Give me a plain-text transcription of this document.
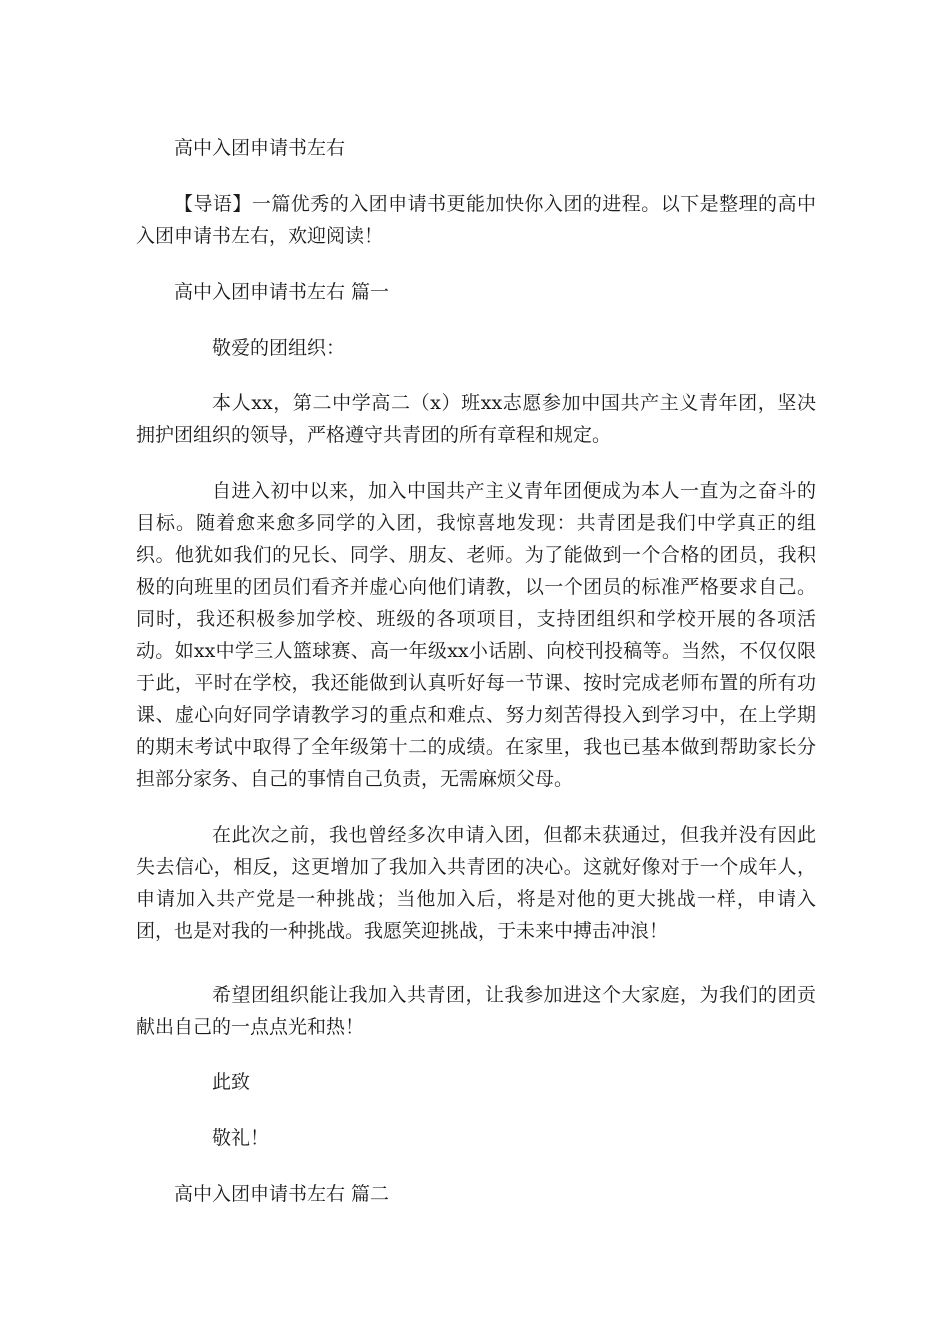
高中入团申请书左右
【导语】一篇优秀的入团申请书更能加快你入团的进程。以下是整理的高中入团申请书左右，欢迎阅读！
高中入团申请书左右 篇一
敬爱的团组织：
本人xx，第二中学高二（x）班xx志愿参加中国共产主义青年团，坚决拥护团组织的领导，严格遵守共青团的所有章程和规定。
自进入初中以来，加入中国共产主义青年团便成为本人一直为之奋斗的目标。随着愈来愈多同学的入团，我惊喜地发现：共青团是我们中学真正的组织。他犹如我们的兄长、同学、朋友、老师。为了能做到一个合格的团员，我积极的向班里的团员们看齐并虚心向他们请教，以一个团员的标准严格要求自己。同时，我还积极参加学校、班级的各项项目，支持团组织和学校开展的各项活动。如xx中学三人篮球赛、高一年级xx小话剧、向校刊投稿等。当然，不仅仅限于此，平时在学校，我还能做到认真听好每一节课、按时完成老师布置的所有功课、虚心向好同学请教学习的重点和难点、努力刻苦得投入到学习中，在上学期的期末考试中取得了全年级第十二的成绩。在家里，我也已基本做到帮助家长分担部分家务、自己的事情自己负责，无需麻烦父母。
在此次之前，我也曾经多次申请入团，但都未获通过，但我并没有因此失去信心，相反，这更增加了我加入共青团的决心。这就好像对于一个成年人，申请加入共产党是一种挑战；当他加入后，将是对他的更大挑战一样，申请入团，也是对我的一种挑战。我愿笑迎挑战，于未来中搏击冲浪！
希望团组织能让我加入共青团，让我参加进这个大家庭，为我们的团贡献出自己的一点点光和热！
此致
敬礼！
高中入团申请书左右 篇二
